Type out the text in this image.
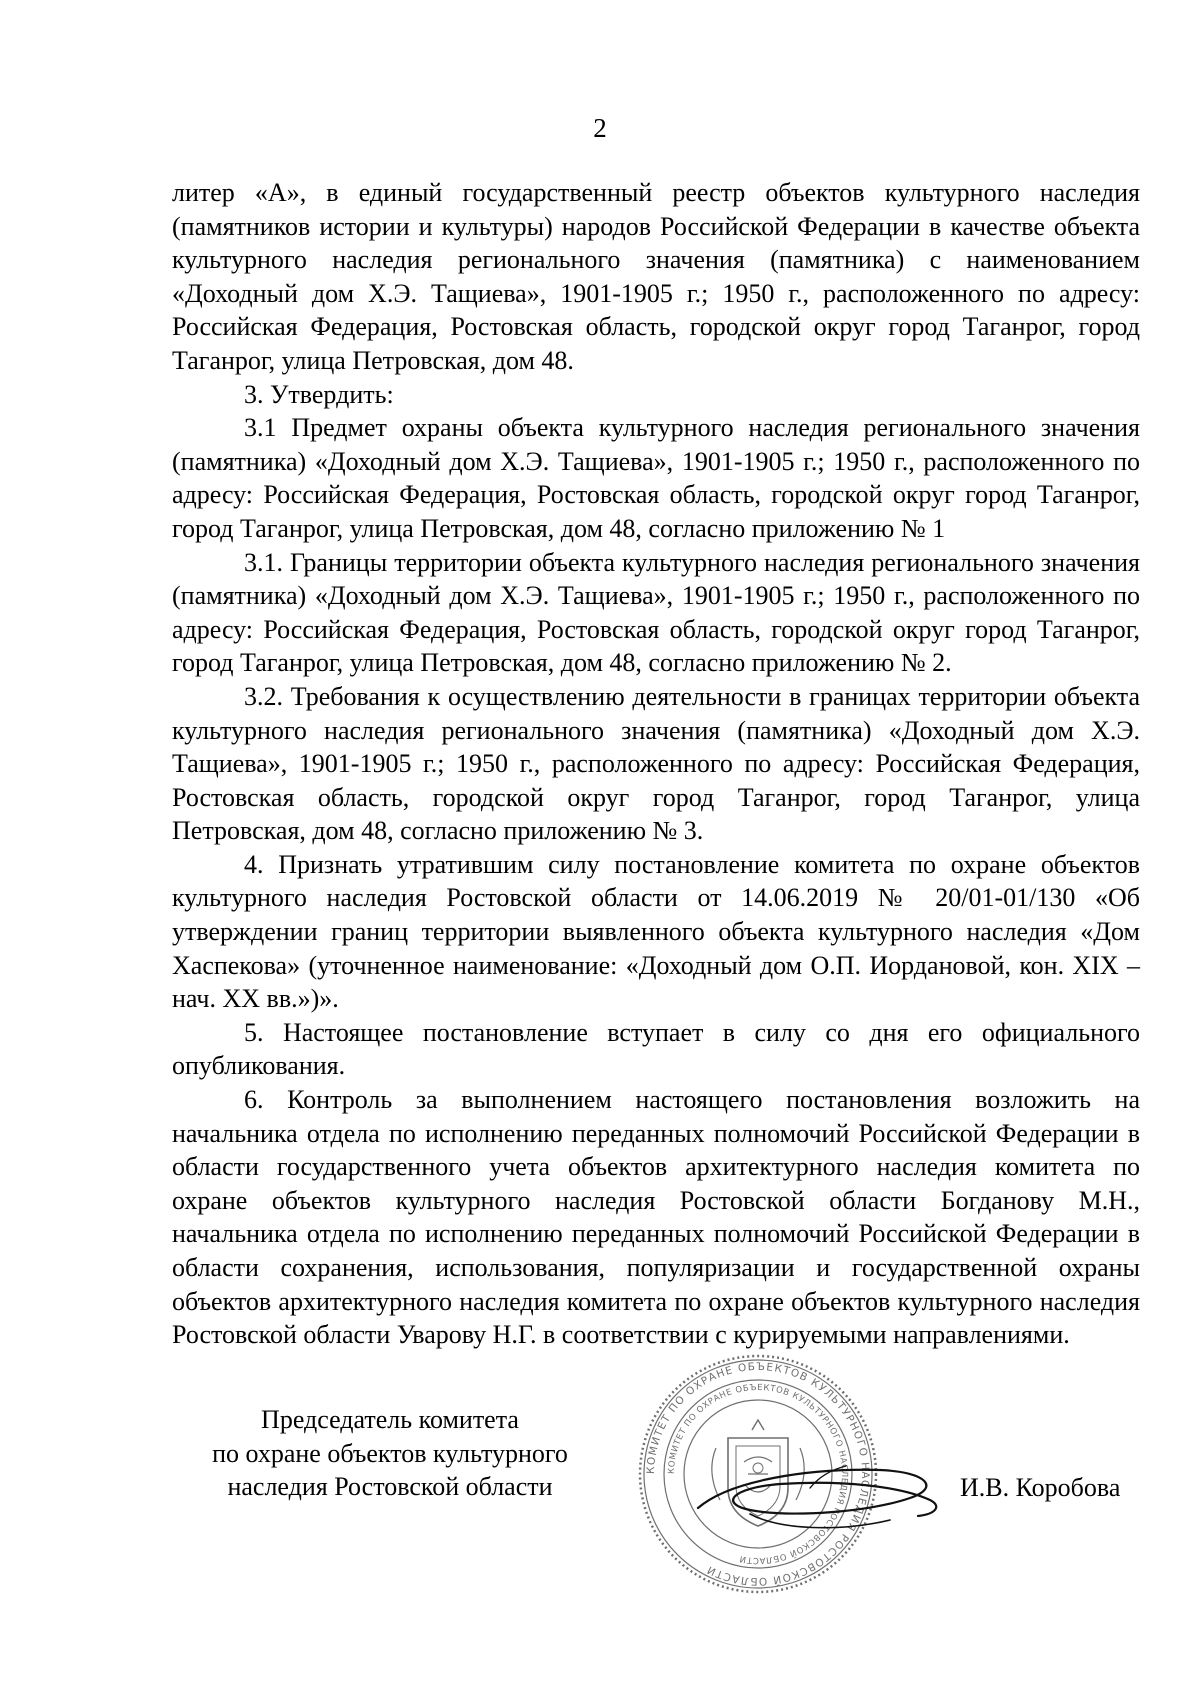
2

литер «А», в единый государственный реестр объектов культурного наследия (памятников истории и культуры) народов Российской Федерации в качестве объекта культурного наследия регионального значения (памятника) с наименованием «Доходный дом Х.Э. Тащиева», 1901-1905 г.; 1950 г., расположенного по адресу: Российская Федерация, Ростовская область, городской округ город Таганрог, город Таганрог, улица Петровская, дом 48.

3. Утвердить:

3.1 Предмет охраны объекта культурного наследия регионального значения (памятника) «Доходный дом Х.Э. Тащиева», 1901-1905 г.; 1950 г., расположенного по адресу: Российская Федерация, Ростовская область, городской округ город Таганрог, город Таганрог, улица Петровская, дом 48, согласно приложению № 1

3.1. Границы территории объекта культурного наследия регионального значения (памятника) «Доходный дом Х.Э. Тащиева», 1901-1905 г.; 1950 г., расположенного по адресу: Российская Федерация, Ростовская область, городской округ город Таганрог, город Таганрог, улица Петровская, дом 48, согласно приложению № 2.

3.2. Требования к осуществлению деятельности в границах территории объекта культурного наследия регионального значения (памятника) «Доходный дом Х.Э. Тащиева», 1901-1905 г.; 1950 г., расположенного по адресу: Российская Федерация, Ростовская область, городской округ город Таганрог, город Таганрог, улица Петровская, дом 48, согласно приложению № 3.

4. Признать утратившим силу постановление комитета по охране объектов культурного наследия Ростовской области от 14.06.2019 № 20/01-01/130 «Об утверждении границ территории выявленного объекта культурного наследия «Дом Хаспекова» (уточненное наименование: «Доходный дом О.П. Иордановой, кон. XIX – нач. XX вв.»)».

5. Настоящее постановление вступает в силу со дня его официального опубликования.

6. Контроль за выполнением настоящего постановления возложить на начальника отдела по исполнению переданных полномочий Российской Федерации в области государственного учета объектов архитектурного наследия комитета по охране объектов культурного наследия Ростовской области Богданову М.Н., начальника отдела по исполнению переданных полномочий Российской Федерации в области сохранения, использования, популяризации и государственной охраны объектов архитектурного наследия комитета по охране объектов культурного наследия Ростовской области Уварову Н.Г. в соответствии с курируемыми направлениями.

Председатель комитета
по охране объектов культурного
наследия Ростовской области
КОМИТЕТ ПО ОХРАНЕ ОБЪЕКТОВ КУЛЬТУРНОГО НАСЛЕДИЯ РОСТОВСКОЙ ОБЛАСТИ
КОМИТЕТ ПО ОХРАНЕ ОБЪЕКТОВ КУЛЬТУРНОГО НАСЛЕДИЯ РОСТОВСКОЙ ОБЛАСТИ
И.В. Коробова
